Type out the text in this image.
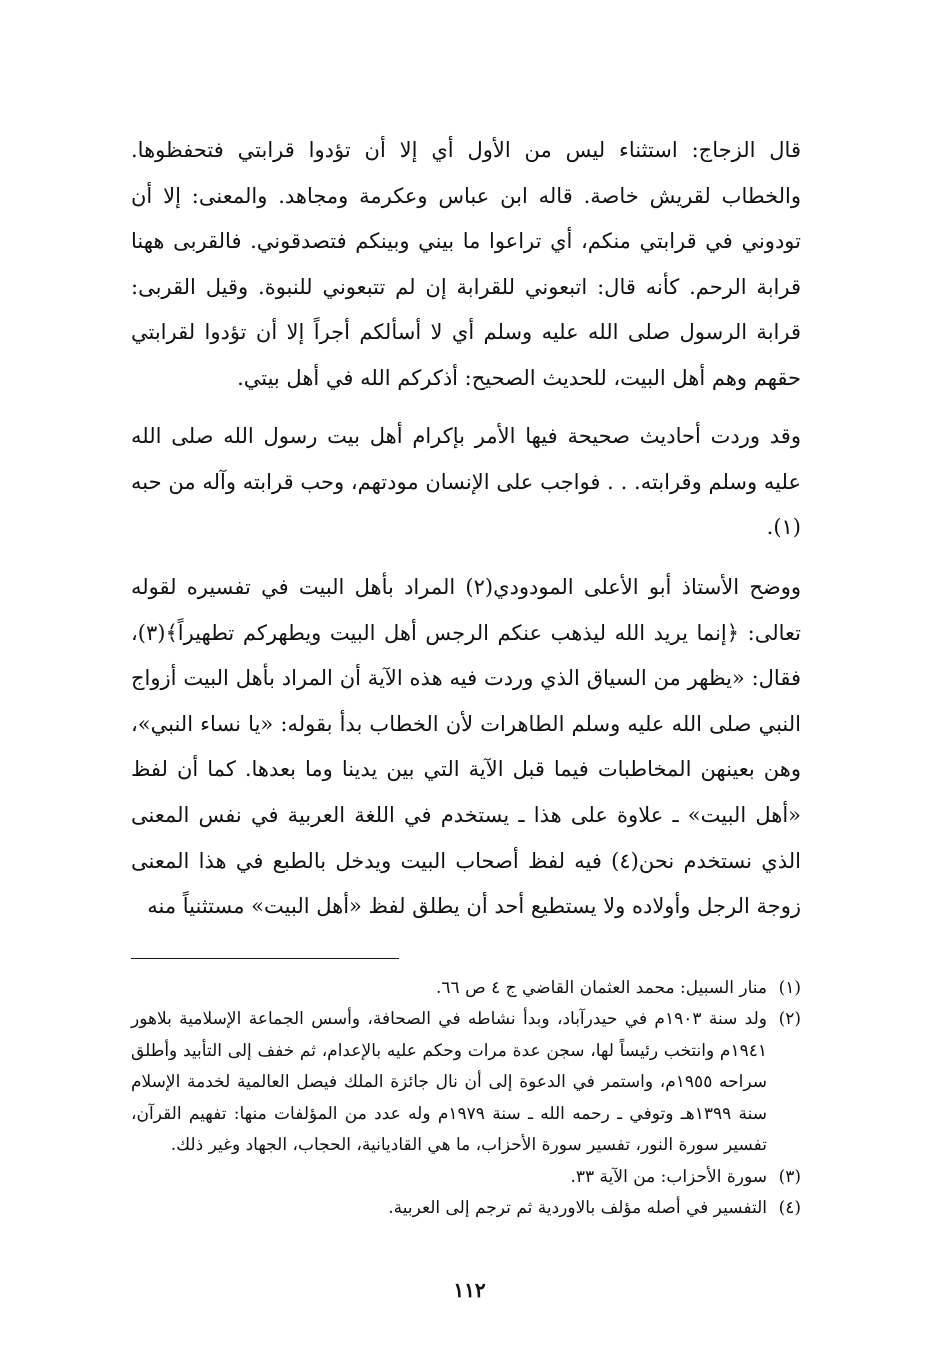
قال الزجاج: استثناء ليس من الأول أي إلا أن تؤدوا قرابتي فتحفظوها. والخطاب لقريش خاصة. قاله ابن عباس وعكرمة ومجاهد. والمعنى: إلا أن تودوني في قرابتي منكم، أي تراعوا ما بيني وبينكم فتصدقوني. فالقربى ههنا قرابة الرحم. كأنه قال: اتبعوني للقرابة إن لم تتبعوني للنبوة. وقيل القربى: قرابة الرسول صلى الله عليه وسلم أي لا أسألكم أجراً إلا أن تؤدوا لقرابتي حقهم وهم أهل البيت، للحديث الصحيح: أذكركم الله في أهل بيتي.

وقد وردت أحاديث صحيحة فيها الأمر بإكرام أهل بيت رسول الله صلى الله عليه وسلم وقرابته. . . فواجب على الإنسان مودتهم، وحب قرابته وآله من حبه (١).

ووضح الأستاذ أبو الأعلى المودودي(٢) المراد بأهل البيت في تفسيره لقوله تعالى: ﴿إنما يريد الله ليذهب عنكم الرجس أهل البيت ويطهركم تطهيراً﴾(٣)، فقال: «يظهر من السياق الذي وردت فيه هذه الآية أن المراد بأهل البيت أزواج النبي صلى الله عليه وسلم الطاهرات لأن الخطاب بدأ بقوله: «يا نساء النبي»، وهن بعينهن المخاطبات فيما قبل الآية التي بين يدينا وما بعدها. كما أن لفظ «أهل البيت» ـ علاوة على هذا ـ يستخدم في اللغة العربية في نفس المعنى الذي نستخدم نحن(٤) فيه لفظ أصحاب البيت ويدخل بالطبع في هذا المعنى زوجة الرجل وأولاده ولا يستطيع أحد أن يطلق لفظ «أهل البيت» مستثنياً منه

(١)
منار السبيل: محمد العثمان القاضي ج ٤ ص ٦٦.
(٢)
ولد سنة ١٩٠٣م في حيدرآباد، وبدأ نشاطه في الصحافة، وأسس الجماعة الإسلامية بلاهور ١٩٤١م وانتخب رئيساً لها، سجن عدة مرات وحكم عليه بالإعدام، ثم خفف إلى التأبيد وأطلق سراحه ١٩٥٥م، واستمر في الدعوة إلى أن نال جائزة الملك فيصل العالمية لخدمة الإسلام سنة ١٣٩٩هـ وتوفي ـ رحمه الله ـ سنة ١٩٧٩م وله عدد من المؤلفات منها: تفهيم القرآن، تفسير سورة النور، تفسير سورة الأحزاب، ما هي القاديانية، الحجاب، الجهاد وغير ذلك.
(٣)
سورة الأحزاب: من الآية ٣٣.
(٤)
التفسير في أصله مؤلف بالاوردية ثم ترجم إلى العربية.
١١٢
